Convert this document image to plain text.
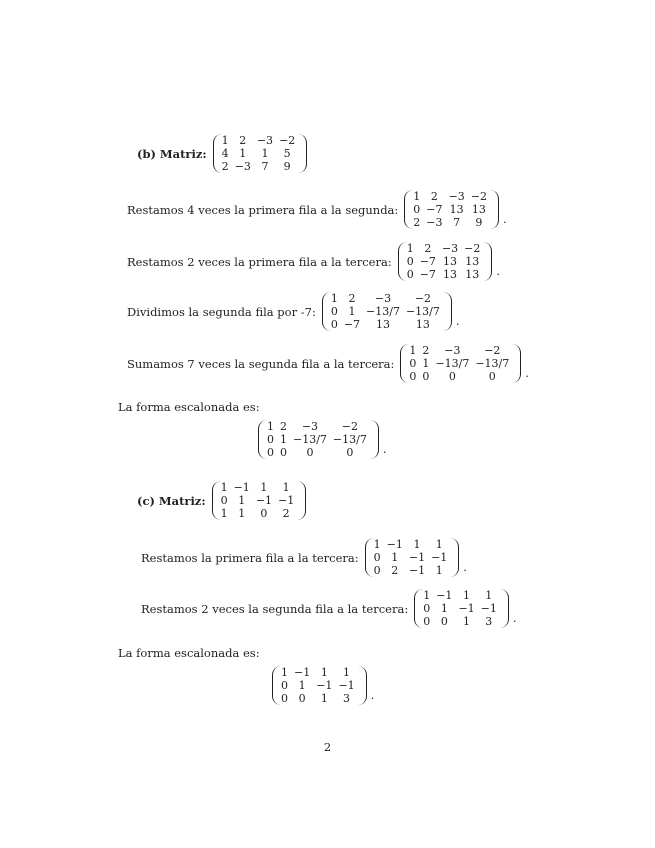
(b) Matriz:
1	2	−3	−2
4	1	1	5
2	−3	7	9
Restamos 4 veces la primera fila a la segunda:
1	2	−3	−2
0	−7	13	13
2	−3	7	9 .
Restamos 2 veces la primera fila a la tercera:
1	2	−3	−2
0	−7	13	13
0	−7	13	13 .
Dividimos la segunda fila por -7:
1	2	−3	−2
0	1	−13/7	−13/7
0	−7	13	13 .
Sumamos 7 veces la segunda fila a la tercera:
1	2	−3	−2
0	1	−13/7	−13/7
0	0	0	0	.
La forma escalonada es:
1	2	−3	−2
0	1	−13/7	−13/7
0	0	0	0	.
(c) Matriz:
1	−1	1	1
0	1	−1	−1
1	1	0	2
Restamos la primera fila a la tercera:
1	−1	1	1
0	1	−1	−1
0	2	−1	1 .
Restamos 2 veces la segunda fila a la tercera:
1	−1	1	1
0	1	−1	−1
0	0	1	3 .
La forma escalonada es:
1	−1	1	1
0	1	−1	−1
0	0	1	3 .
2
